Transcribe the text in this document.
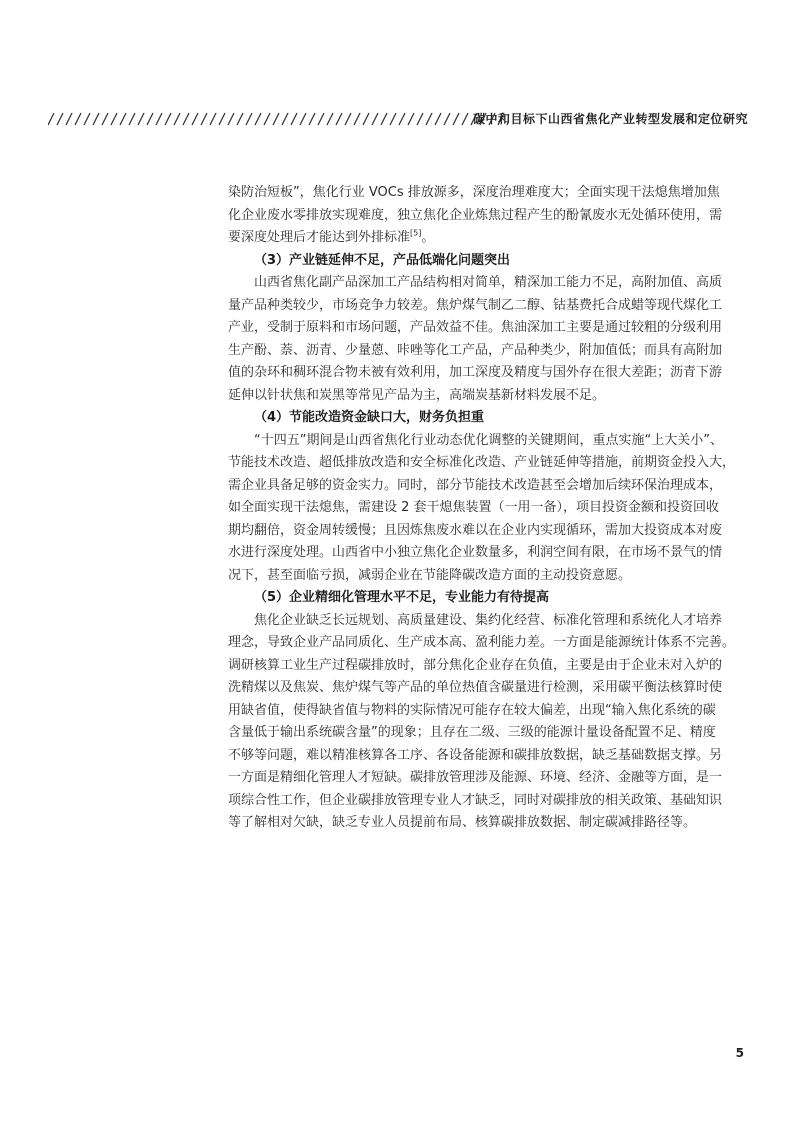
碳中和目标下山西省焦化产业转型发展和定位研究

染防治短板”，焦化行业 VOCs 排放源多，深度治理难度大；全面实现干法熄焦增加焦
化企业废水零排放实现难度，独立焦化企业炼焦过程产生的酚氰废水无处循环使用，需
要深度处理后才能达到外排标准[5]。

（3）产业链延伸不足，产品低端化问题突出

山西省焦化副产品深加工产品结构相对简单，精深加工能力不足，高附加值、高质
量产品种类较少，市场竞争力较差。焦炉煤气制乙二醇、钴基费托合成蜡等现代煤化工
产业，受制于原料和市场问题，产品效益不佳。焦油深加工主要是通过较粗的分级利用
生产酚、萘、沥青、少量蒽、咔唑等化工产品，产品种类少，附加值低；而具有高附加
值的杂环和稠环混合物未被有效利用，加工深度及精度与国外存在很大差距；沥青下游
延伸以针状焦和炭黑等常见产品为主，高端炭基新材料发展不足。

（4）节能改造资金缺口大，财务负担重

“十四五”期间是山西省焦化行业动态优化调整的关键期间，重点实施“上大关小”、
节能技术改造、超低排放改造和安全标准化改造、产业链延伸等措施，前期资金投入大，
需企业具备足够的资金实力。同时，部分节能技术改造甚至会增加后续环保治理成本，
如全面实现干法熄焦，需建设 2 套干熄焦装置（一用一备），项目投资金额和投资回收
期均翻倍，资金周转缓慢；且因炼焦废水难以在企业内实现循环，需加大投资成本对废
水进行深度处理。山西省中小独立焦化企业数量多，利润空间有限，在市场不景气的情
况下，甚至面临亏损，减弱企业在节能降碳改造方面的主动投资意愿。

（5）企业精细化管理水平不足，专业能力有待提高

焦化企业缺乏长远规划、高质量建设、集约化经营、标准化管理和系统化人才培养
理念，导致企业产品同质化、生产成本高、盈利能力差。一方面是能源统计体系不完善。
调研核算工业生产过程碳排放时，部分焦化企业存在负值，主要是由于企业未对入炉的
洗精煤以及焦炭、焦炉煤气等产品的单位热值含碳量进行检测，采用碳平衡法核算时使
用缺省值，使得缺省值与物料的实际情况可能存在较大偏差，出现“输入焦化系统的碳
含量低于输出系统碳含量”的现象；且存在二级、三级的能源计量设备配置不足、精度
不够等问题，难以精准核算各工序、各设备能源和碳排放数据，缺乏基础数据支撑。另
一方面是精细化管理人才短缺。碳排放管理涉及能源、环境、经济、金融等方面，是一
项综合性工作，但企业碳排放管理专业人才缺乏，同时对碳排放的相关政策、基础知识
等了解相对欠缺，缺乏专业人员提前布局、核算碳排放数据、制定碳减排路径等。

5
